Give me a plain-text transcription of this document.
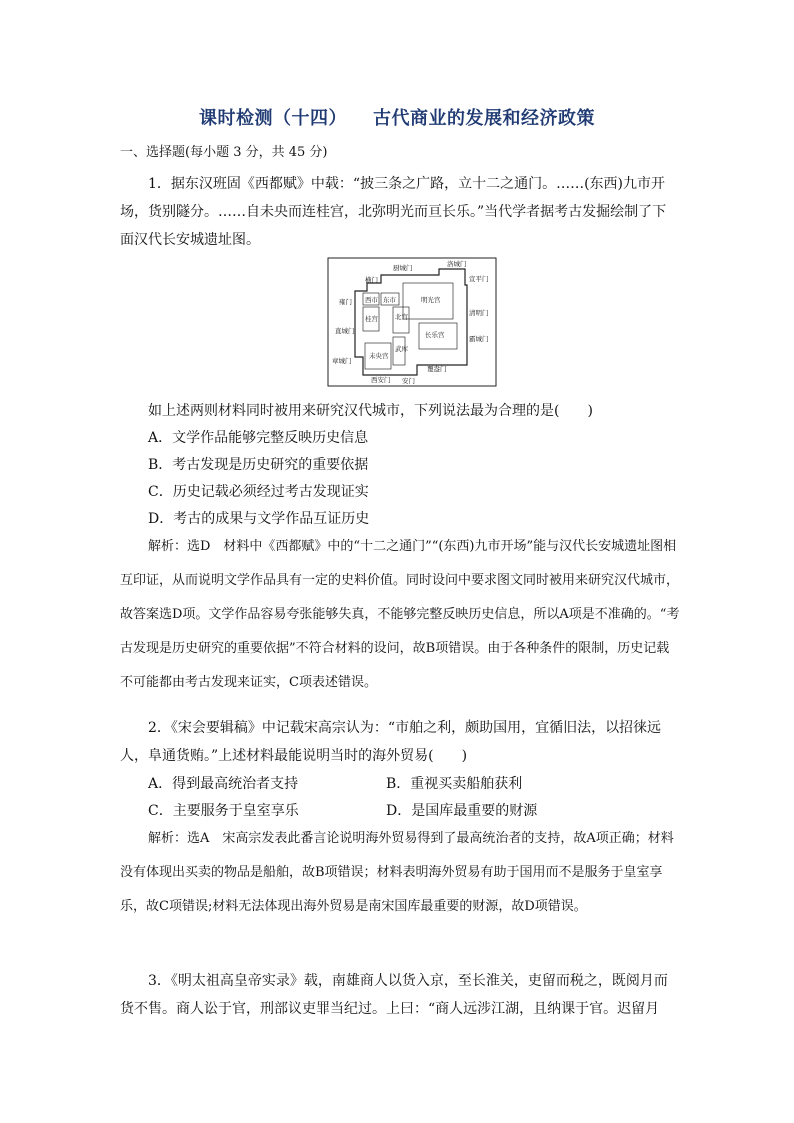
课时检测（十四） 古代商业的发展和经济政策
一、选择题(每小题 3 分，共 45 分)
1．据东汉班固《西都赋》中载：“披三条之广路，立十二之通门。……(东西)九市开场，货别隧分。……自未央而连桂宫，北弥明光而亘长乐。”当代学者据考古发掘绘制了下面汉代长安城遗址图。
洛城门
厨城门
横门	宣平门
西市 东市	明光宫
雍门
桂宫	北宫	清明门
直城门	长乐宫	霸城门
武库
章城门
未央宫
覆盎门
西安门 安门
如上述两则材料同时被用来研究汉代城市，下列说法最为合理的是(　　)
A．文学作品能够完整反映历史信息
B．考古发现是历史研究的重要依据
C．历史记载必须经过考古发现证实
D．考古的成果与文学作品互证历史
解析：选D　材料中《西都赋》中的“十二之通门”“(东西)九市开场”能与汉代长安城遗址图相互印证，从而说明文学作品具有一定的史料价值。同时设问中要求图文同时被用来研究汉代城市，故答案选D项。文学作品容易夸张能够失真，不能够完整反映历史信息，所以A项是不准确的。“考古发现是历史研究的重要依据”不符合材料的设问，故B项错误。由于各种条件的限制，历史记载不可能都由考古发现来证实，C项表述错误。
2．《宋会要辑稿》中记载宋高宗认为：“市舶之利，颇助国用，宜循旧法，以招徕远人，阜通货贿。”上述材料最能说明当时的海外贸易(　　)
A．得到最高统治者支持	B．重视买卖船舶获利
C．主要服务于皇室享乐	D．是国库最重要的财源
解析：选A　宋高宗发表此番言论说明海外贸易得到了最高统治者的支持，故A项正确；材料没有体现出买卖的物品是船舶，故B项错误；材料表明海外贸易有助于国用而不是服务于皇室享乐，故C项错误;材料无法体现出海外贸易是南宋国库最重要的财源，故D项错误。
3．《明太祖高皇帝实录》载，南雄商人以货入京，至长淮关，吏留而税之，既阅月而货不售。商人讼于官，刑部议吏罪当纪过。上曰：“商人远涉江湖，且纳课于官。迟留月
